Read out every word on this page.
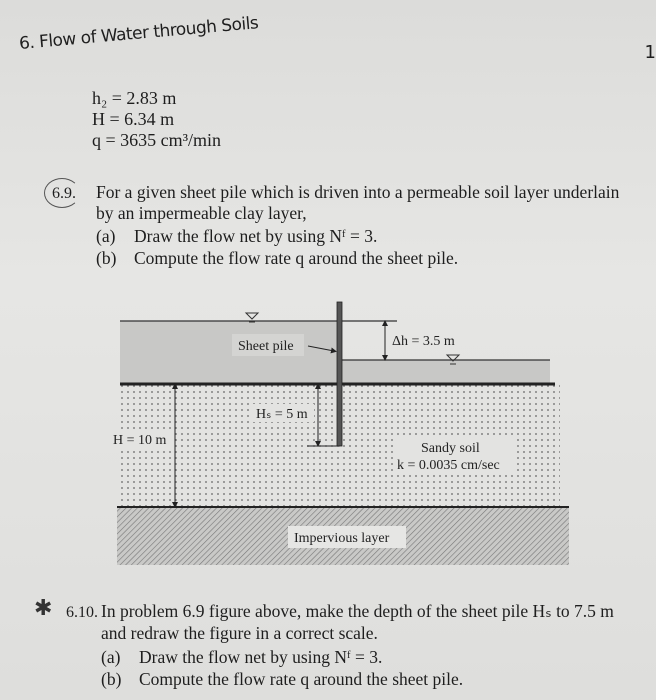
6. Flow of Water through Soils	1
h₂ = 2.83 m
H = 6.34 m
q = 3635 cm³/min
6.9. For a given sheet pile which is driven into a permeable soil layer underlain
by an impermeable clay layer,
(a) Draw the flow net by using Nᶠ = 3.
(b) Compute the flow rate q around the sheet pile.
Sheet pile	Δh = 3.5 m
H = 10 m
Hₛ = 5 m
Sandy soil
k = 0.0035 cm/sec
Impervious layer
✱ 6.10. In problem 6.9 figure above, make the depth of the sheet pile Hₛ to 7.5 m
and redraw the figure in a correct scale.
(a) Draw the flow net by using Nᶠ = 3.
(b) Compute the flow rate q around the sheet pile.
